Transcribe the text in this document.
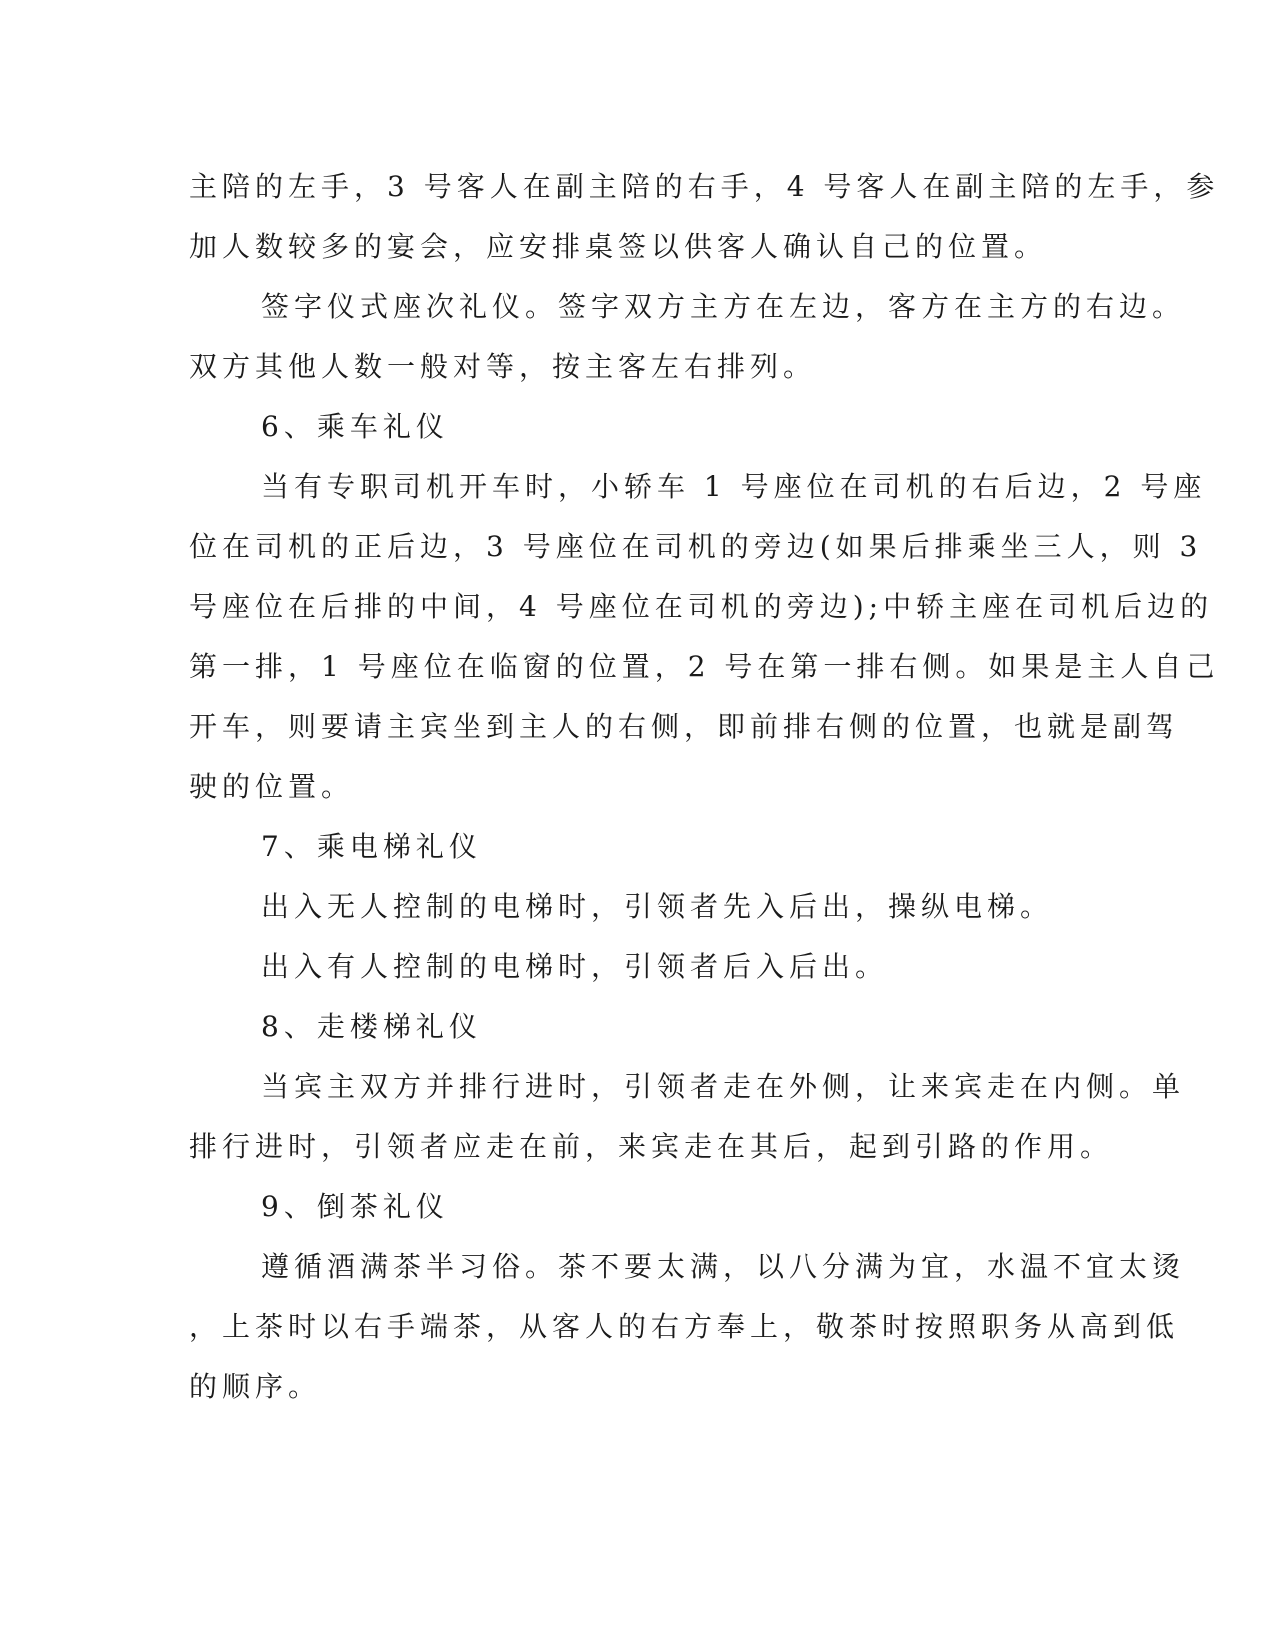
主陪的左手，3 号客人在副主陪的右手，4 号客人在副主陪的左手，参
加人数较多的宴会，应安排桌签以供客人确认自己的位置。

签字仪式座次礼仪。签字双方主方在左边，客方在主方的右边。
双方其他人数一般对等，按主客左右排列。

6、乘车礼仪

当有专职司机开车时，小轿车 1 号座位在司机的右后边，2 号座
位在司机的正后边，3 号座位在司机的旁边(如果后排乘坐三人，则 3
号座位在后排的中间，4 号座位在司机的旁边);中轿主座在司机后边的
第一排，1 号座位在临窗的位置，2 号在第一排右侧。如果是主人自己
开车，则要请主宾坐到主人的右侧，即前排右侧的位置，也就是副驾
驶的位置。

7、乘电梯礼仪

出入无人控制的电梯时，引领者先入后出，操纵电梯。

出入有人控制的电梯时，引领者后入后出。

8、走楼梯礼仪

当宾主双方并排行进时，引领者走在外侧，让来宾走在内侧。单
排行进时，引领者应走在前，来宾走在其后，起到引路的作用。

9、倒茶礼仪

遵循酒满茶半习俗。茶不要太满，以八分满为宜，水温不宜太烫
，上茶时以右手端茶，从客人的右方奉上，敬茶时按照职务从高到低
的顺序。
